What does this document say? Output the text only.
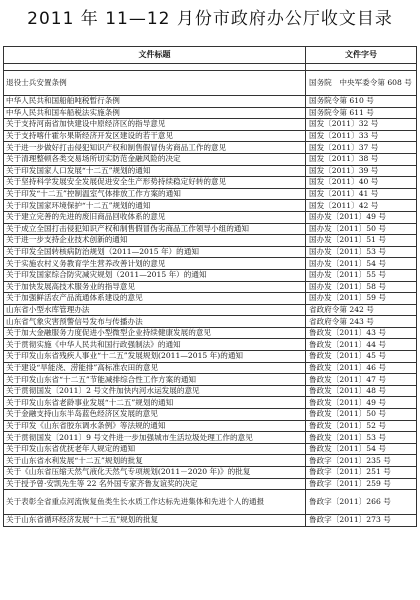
2011 年 11—12 月份市政府办公厅收文目录
文件标题	文件字号

退役士兵安置条例	国务院　中央军委令第 608 号
中华人民共和国船舶吨税暂行条例	国务院令第 610 号
中华人民共和国车船税法实施条例	国务院令第 611 号
关于支持河南省加快建设中原经济区的指导意见	国发〔2011〕32 号
关于支持喀什霍尔果斯经济开发区建设的若干意见	国发〔2011〕33 号
关于进一步做好打击侵犯知识产权和制售假冒伪劣商品工作的意见	国发〔2011〕37 号
关于清理整顿各类交易场所切实防范金融风险的决定	国发〔2011〕38 号
关于印发国家人口发展“十二五”规划的通知	国发〔2011〕39 号
关于坚持科学发展安全发展促进安全生产形势持续稳定好转的意见	国发〔2011〕40 号
关于印发“十二五”控制温室气体排放工作方案的通知	国发〔2011〕41 号
关于印发国家环境保护“十二五”规划的通知	国发〔2011〕42 号
关于建立完善的先进的废旧商品回收体系的意见	国办发〔2011〕49 号
关于成立全国打击侵犯知识产权和制售假冒伪劣商品工作领导小组的通知	国办发〔2011〕50 号
关于进一步支持企业技术创新的通知	国办发〔2011〕51 号
关于印发全国转核病防治规划（2011—2015 年）的通知	国办发〔2011〕53 号
关于实施农村义务教育学生营养改善计划的意见	国办发〔2011〕54 号
关于印发国家综合防灾减灾规划（2011—2015 年）的通知	国办发〔2011〕55 号
关于加快发展高技术服务业的指导意见	国办发〔2011〕58 号
关于加强鲜活农产品流通体系建设的意见	国办发〔2011〕59 号
山东省小型水库管理办法	省政府令第 242 号
山东省气象灾害预警信号发布与传播办法	省政府令第 243 号
关于加大金融服务力度促进小型微型企业持续健康发展的意见	鲁政发〔2011〕43 号
关于贯彻实施《中华人民共和国行政强制法》的通知	鲁政发〔2011〕44 号
关于印发山东省残疾人事业“十二五”发展规划(2011—2015 年)的通知	鲁政发〔2011〕45 号
关于建设“旱能浇、涝能排”高标准农田的意见	鲁政发〔2011〕46 号
关于印发山东省“十二五”节能减排综合性工作方案的通知	鲁政发〔2011〕47 号
关于贯彻国发〔2011〕2 号文件加快内河水运发展的意见	鲁政发〔2011〕48 号
关于印发山东省老龄事业发展“十二五”规划的通知	鲁政发〔2011〕49 号
关于金融支持山东半岛蓝色经济区发展的意见	鲁政发〔2011〕50 号
关于印发《山东省胶东调水条例》等法规的通知	鲁政发〔2011〕52 号
关于贯彻国发〔2011〕9 号文件进一步加强城市生活垃圾处理工作的意见	鲁政发〔2011〕53 号
关于印发山东省优抚老年人规定的通知	鲁政发〔2011〕54 号
关于山东省水利发展“十二五”规划的批复	鲁政字〔2011〕235 号
关于《山东省压缩天然气液化天然气专项规划(2011－2020 年)》的批复	鲁政字〔2011〕251 号
关于授予曾·安凯先生等 22 名外国专家齐鲁友谊奖的决定	鲁政字〔2011〕259 号
关于表彰全省重点河流恢复鱼类生长水质工作达标先进集体和先进个人的通报	鲁政字〔2011〕266 号
关于山东省循环经济发展“十二五”规划的批复	鲁政字〔2011〕273 号
